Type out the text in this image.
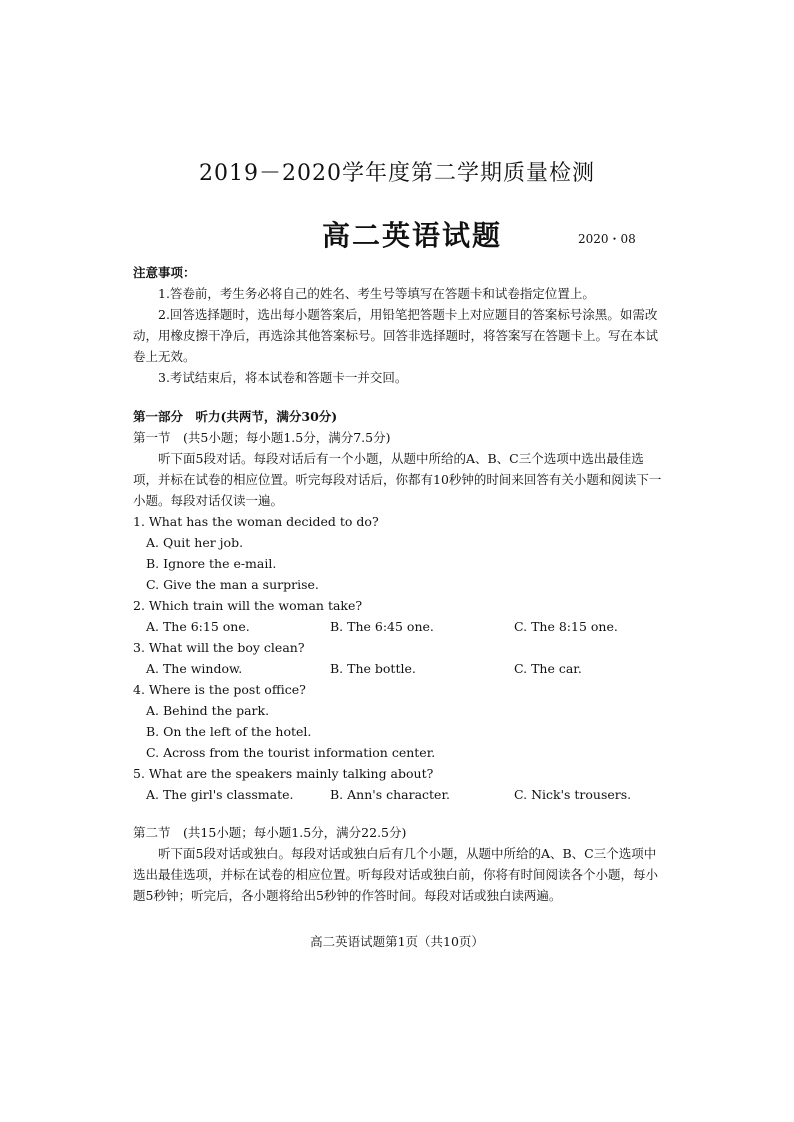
2019－2020学年度第二学期质量检测
高二英语试题	2020・08

注意事项：

1.答卷前，考生务必将自己的姓名、考生号等填写在答题卡和试卷指定位置上。

2.回答选择题时，选出每小题答案后，用铅笔把答题卡上对应题目的答案标号涂黑。如需改动，用橡皮擦干净后，再选涂其他答案标号。回答非选择题时，将答案写在答题卡上。写在本试卷上无效。

3.考试结束后，将本试卷和答题卡一并交回。

第一部分　听力(共两节，满分30分)

第一节　(共5小题；每小题1.5分，满分7.5分)

听下面5段对话。每段对话后有一个小题，从题中所给的A、B、C三个选项中选出最佳选项，并标在试卷的相应位置。听完每段对话后，你都有10秒钟的时间来回答有关小题和阅读下一小题。每段对话仅读一遍。

1. What has the woman decided to do?

A. Quit her job.

B. Ignore the e-mail.

C. Give the man a surprise.

2. Which train will the woman take?

A. The 6:15 one.	B. The 6:45 one.	C. The 8:15 one.

3. What will the boy clean?

A. The window.	B. The bottle.	C. The car.

4. Where is the post office?

A. Behind the park.

B. On the left of the hotel.

C. Across from the tourist information center.

5. What are the speakers mainly talking about?

A. The girl's classmate.	B. Ann's character.	C. Nick's trousers.

第二节　(共15小题；每小题1.5分，满分22.5分)

听下面5段对话或独白。每段对话或独白后有几个小题，从题中所给的A、B、C三个选项中选出最佳选项，并标在试卷的相应位置。听每段对话或独白前，你将有时间阅读各个小题，每小题5秒钟；听完后，各小题将给出5秒钟的作答时间。每段对话或独白读两遍。

高二英语试题第1页（共10页）
